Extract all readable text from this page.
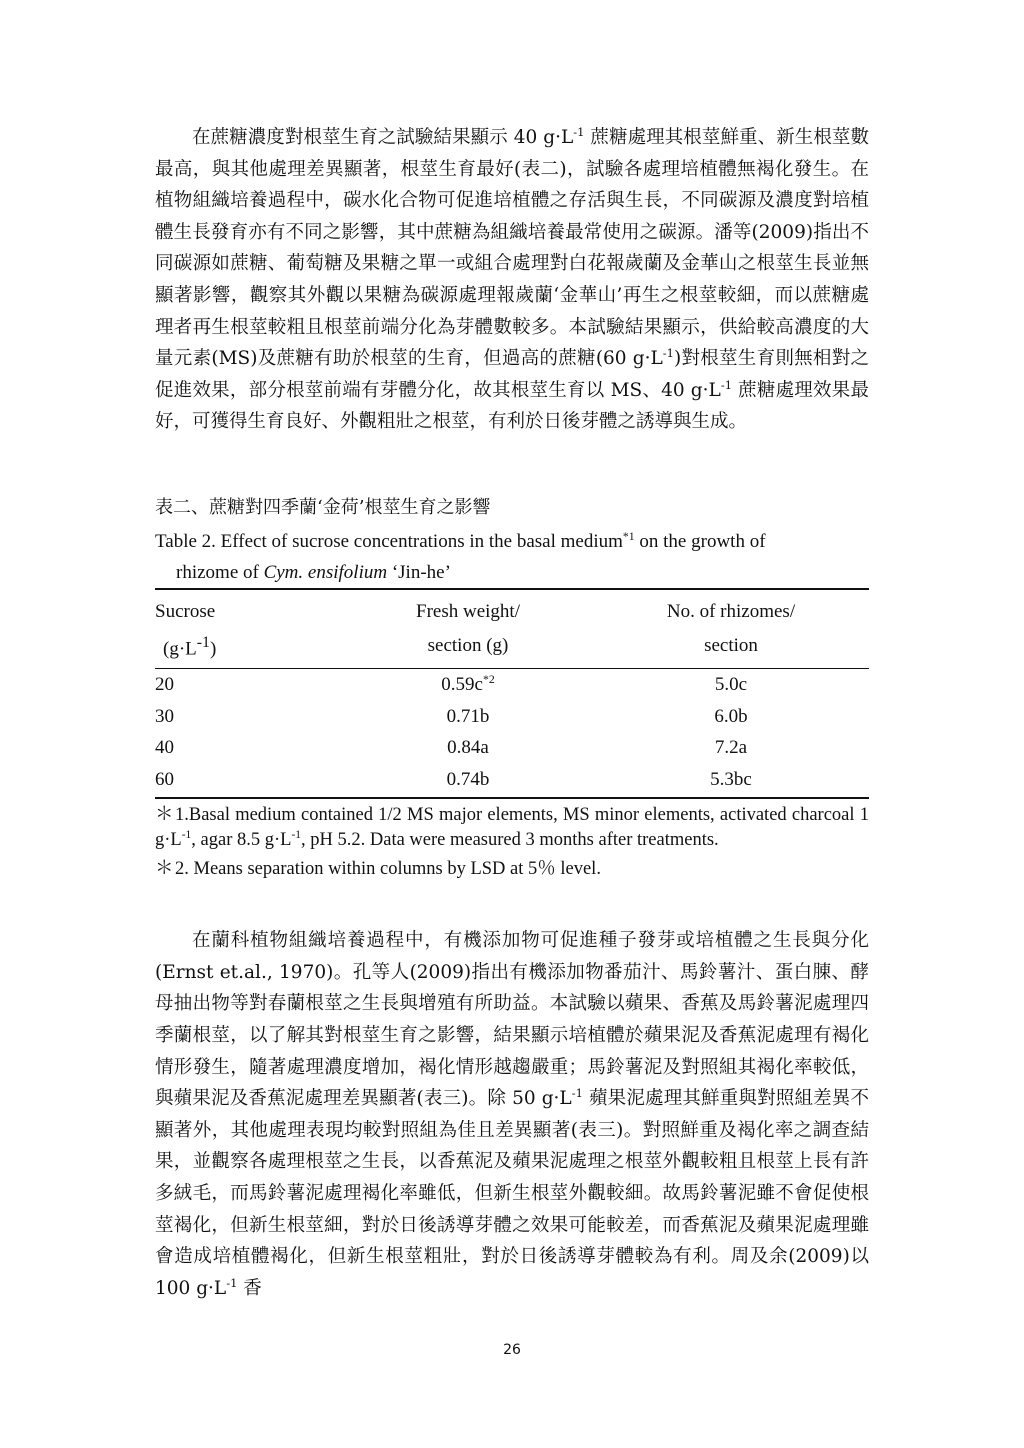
在蔗糖濃度對根莖生育之試驗結果顯示 40 $g\cdot L^{-1}$ 蔗糖處理其根莖鮮重、新生根莖數最高，與其他處理差異顯著，根莖生育最好(表二)，試驗各處理培植體無褐化發生。在植物組織培養過程中，碳水化合物可促進培植體之存活與生長，不同碳源及濃度對培植體生長發育亦有不同之影響，其中蔗糖為組織培養最常使用之碳源。潘等(2009)指出不同碳源如蔗糖、葡萄糖及果糖之單一或組合處理對白花報歲蘭及金華山之根莖生長並無顯著影響，觀察其外觀以果糖為碳源處理報歲蘭‘金華山’再生之根莖較細，而以蔗糖處理者再生根莖較粗且根莖前端分化為芽體數較多。本試驗結果顯示，供給較高濃度的大量元素(MS)及蔗糖有助於根莖的生育，但過高的蔗糖(60 $g\cdot L^{-1}$)對根莖生育則無相對之促進效果，部分根莖前端有芽體分化，故其根莖生育以 MS、40 $g\cdot L^{-1}$ 蔗糖處理效果最好，可獲得生育良好、外觀粗壯之根莖，有利於日後芽體之誘導與生成。

表二、蔗糖對四季蘭‘金荷’根莖生育之影響
Table 2. Effect of sucrose concentrations in the basal medium$^{*1}$ on the growth of
rhizome of Cym. ensifolium ‘Jin-he’
Sucrose	Fresh weight/	No. of rhizomes/
$(g\cdot L^{-1})$	section (g)	section
20	$0.59c^{*2}$	5.0c
30	0.71b	6.0b
40	0.84a	7.2a
60	0.74b	5.3bc
＊1.Basal medium contained 1/2 MS major elements, MS minor elements, activated charcoal 1 $g\cdot L^{-1}$, agar 8.5 $g\cdot L^{-1}$, pH 5.2. Data were measured 3 months after treatments.
＊2. Means separation within columns by LSD at 5％ level.

在蘭科植物組織培養過程中，有機添加物可促進種子發芽或培植體之生長與分化(Ernst et.al., 1970)。孔等人(2009)指出有機添加物番茄汁、馬鈴薯汁、蛋白腖、酵母抽出物等對春蘭根莖之生長與增殖有所助益。本試驗以蘋果、香蕉及馬鈴薯泥處理四季蘭根莖，以了解其對根莖生育之影響，結果顯示培植體於蘋果泥及香蕉泥處理有褐化情形發生，隨著處理濃度增加，褐化情形越趨嚴重；馬鈴薯泥及對照組其褐化率較低，與蘋果泥及香蕉泥處理差異顯著(表三)。除 50 $g\cdot L^{-1}$ 蘋果泥處理其鮮重與對照組差異不顯著外，其他處理表現均較對照組為佳且差異顯著(表三)。對照鮮重及褐化率之調查結果，並觀察各處理根莖之生長，以香蕉泥及蘋果泥處理之根莖外觀較粗且根莖上長有許多絨毛，而馬鈴薯泥處理褐化率雖低，但新生根莖外觀較細。故馬鈴薯泥雖不會促使根莖褐化，但新生根莖細，對於日後誘導芽體之效果可能較差，而香蕉泥及蘋果泥處理雖會造成培植體褐化，但新生根莖粗壯，對於日後誘導芽體較為有利。周及余(2009)以 100 $g\cdot L^{-1}$ 香

26
